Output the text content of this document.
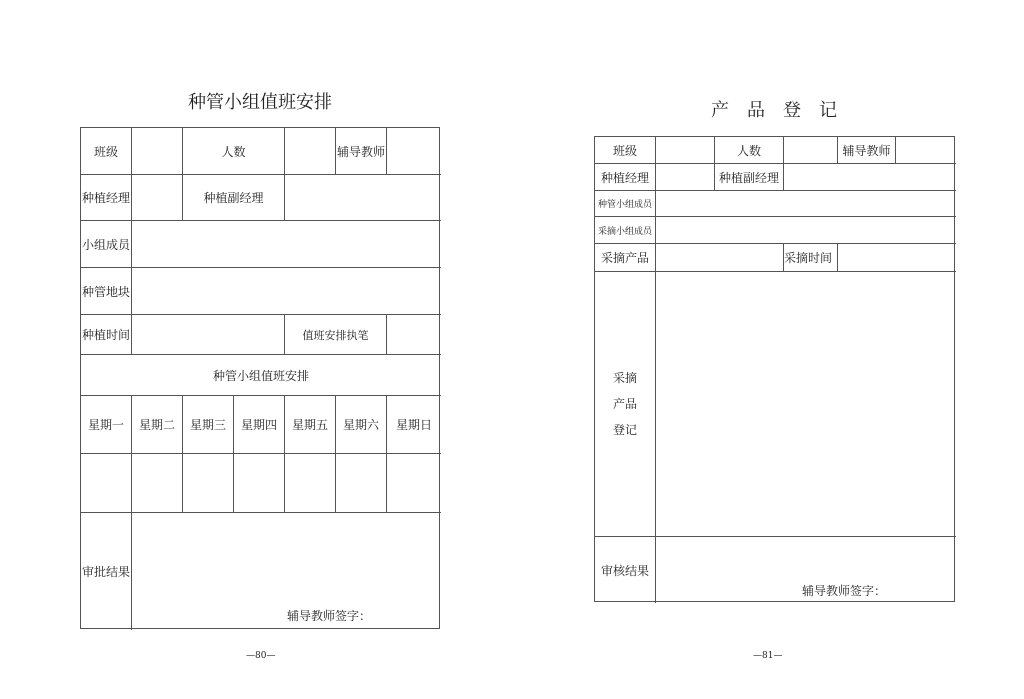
种管小组值班安排
班级	人数	辅导教师
种植经理	种植副经理
小组成员
种管地块
种植时间	值班安排执笔
种管小组值班安排
星期一	星期二	星期三	星期四	星期五	星期六	星期日
审批结果
辅导教师签字：
—80—
产　品　登　记
班级	人数	辅导教师
种植经理	种植副经理
种管小组成员
采摘小组成员
采摘产品	采摘时间
采摘
产品
登记
审核结果
辅导教师签字：
—81—
